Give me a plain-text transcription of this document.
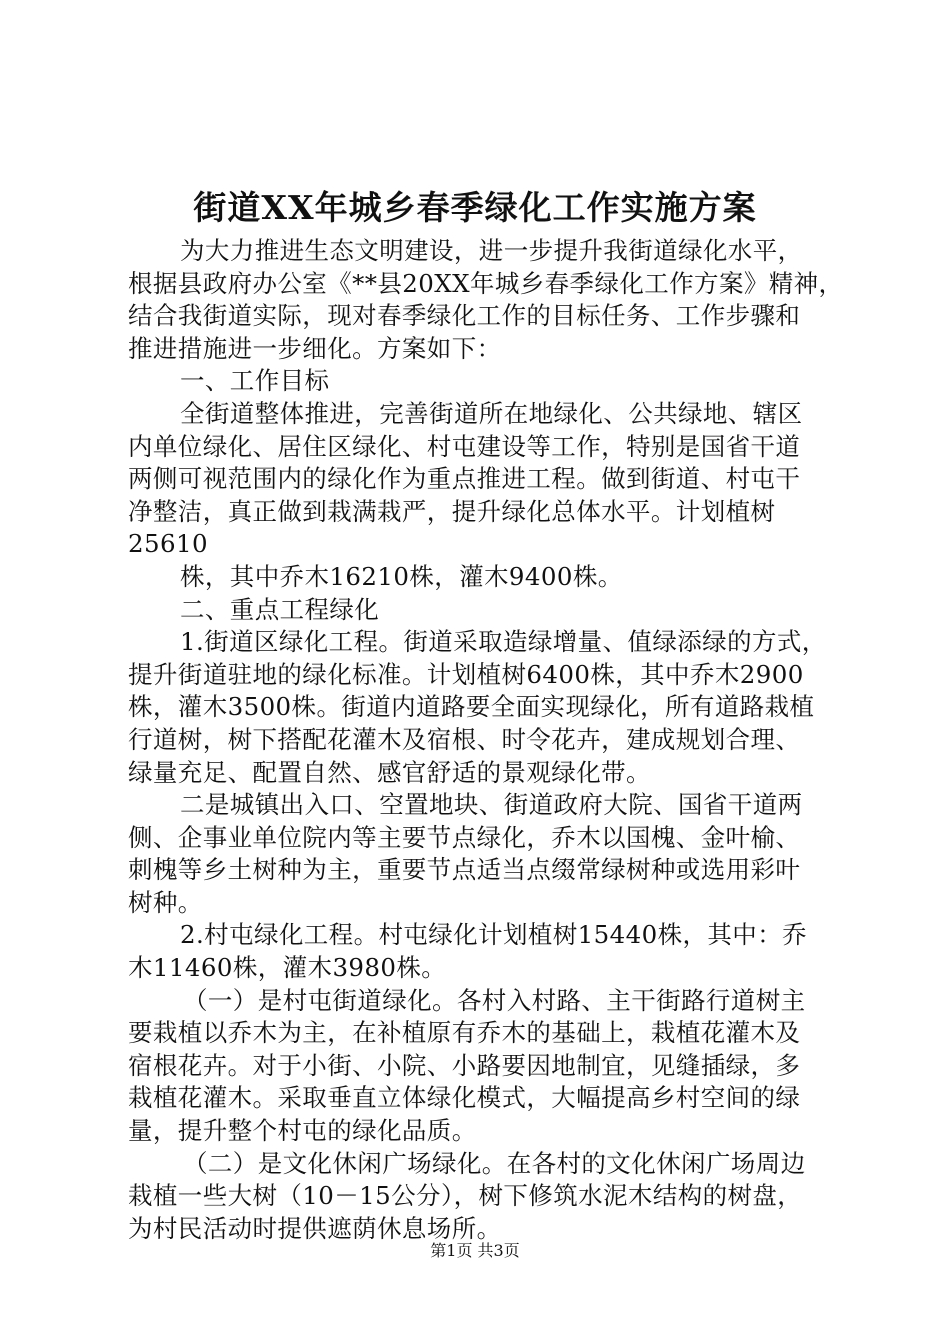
街道XX年城乡春季绿化工作实施方案
为大力推进生态文明建设，进一步提升我街道绿化水平，
根据县政府办公室《**县20XX年城乡春季绿化工作方案》精神，
结合我街道实际，现对春季绿化工作的目标任务、工作步骤和
推进措施进一步细化。方案如下：
一、工作目标
全街道整体推进，完善街道所在地绿化、公共绿地、辖区
内单位绿化、居住区绿化、村屯建设等工作，特别是国省干道
两侧可视范围内的绿化作为重点推进工程。做到街道、村屯干
净整洁，真正做到栽满栽严，提升绿化总体水平。计划植树
25610
株，其中乔木16210株，灌木9400株。
二、重点工程绿化
1.街道区绿化工程。街道采取造绿增量、值绿添绿的方式，
提升街道驻地的绿化标准。计划植树6400株，其中乔木2900
株，灌木3500株。街道内道路要全面实现绿化，所有道路栽植
行道树，树下搭配花灌木及宿根、时令花卉，建成规划合理、
绿量充足、配置自然、感官舒适的景观绿化带。
二是城镇出入口、空置地块、街道政府大院、国省干道两
侧、企事业单位院内等主要节点绿化，乔木以国槐、金叶榆、
刺槐等乡土树种为主，重要节点适当点缀常绿树种或选用彩叶
树种。
2.村屯绿化工程。村屯绿化计划植树15440株，其中：乔
木11460株，灌木3980株。
（一）是村屯街道绿化。各村入村路、主干街路行道树主
要栽植以乔木为主，在补植原有乔木的基础上，栽植花灌木及
宿根花卉。对于小街、小院、小路要因地制宜，见缝插绿，多
栽植花灌木。采取垂直立体绿化模式，大幅提高乡村空间的绿
量，提升整个村屯的绿化品质。
（二）是文化休闲广场绿化。在各村的文化休闲广场周边
栽植一些大树（10－15公分），树下修筑水泥木结构的树盘，
为村民活动时提供遮荫休息场所。
第1页 共3页
